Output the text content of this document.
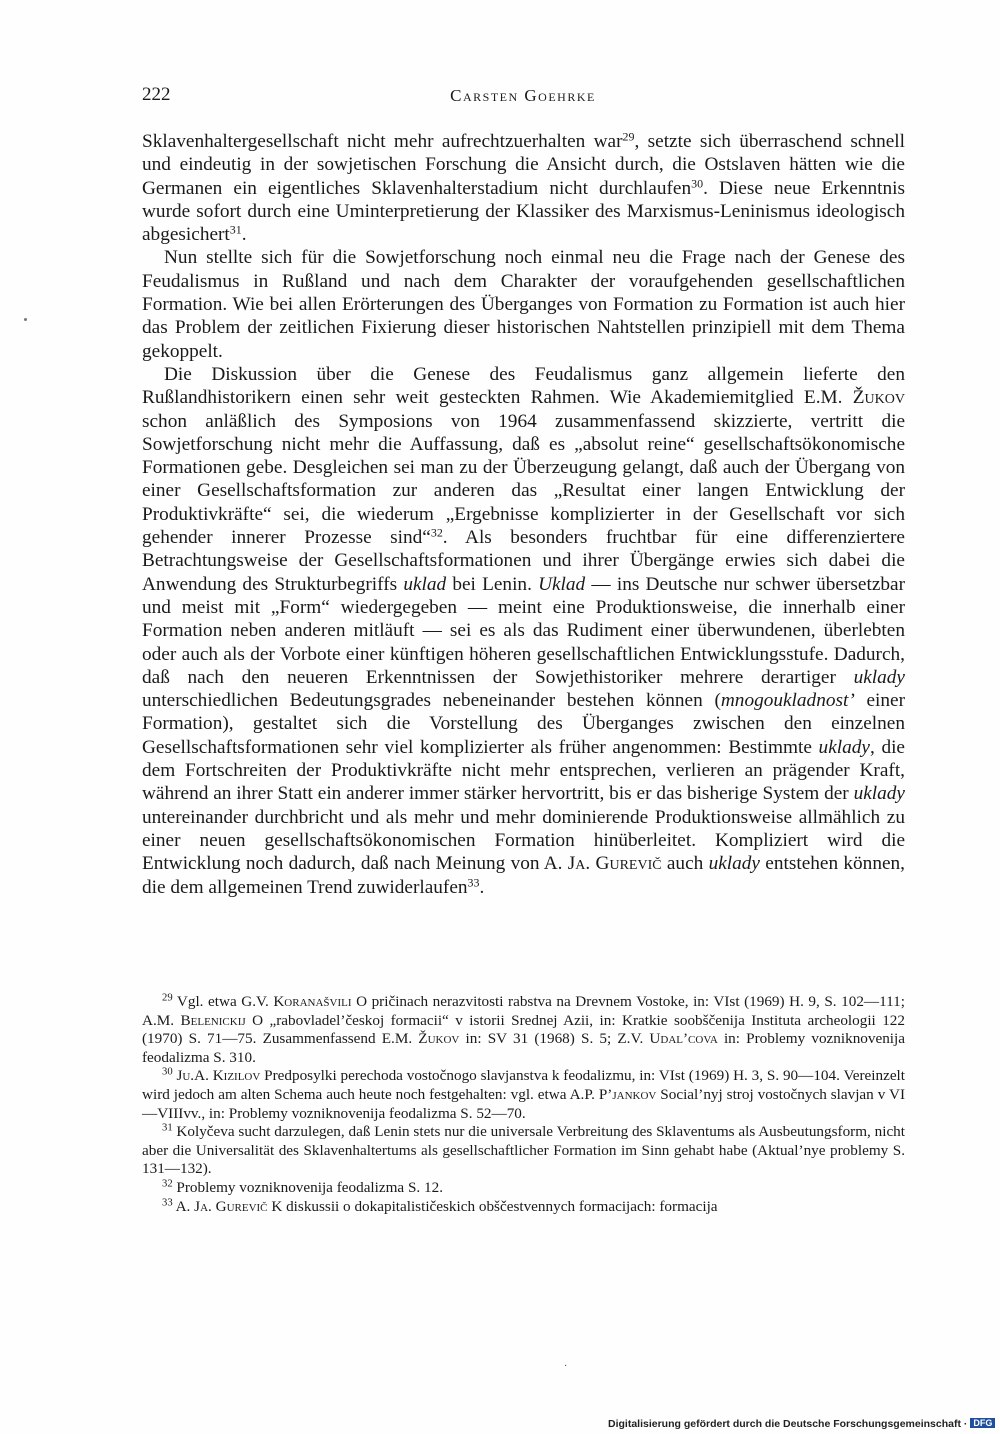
222	Carsten Goehrke

Sklavenhaltergesellschaft nicht mehr aufrechtzuerhalten war$^{29}$, setzte sich überraschend schnell und eindeutig in der sowjetischen Forschung die Ansicht durch, die Ostslaven hätten wie die Germanen ein eigentliches Sklavenhalterstadium nicht durchlaufen$^{30}$. Diese neue Erkenntnis wurde sofort durch eine Uminterpretierung der Klassiker des Marxismus-Leninismus ideologisch abgesichert$^{31}$.

Nun stellte sich für die Sowjetforschung noch einmal neu die Frage nach der Genese des Feudalismus in Rußland und nach dem Charakter der voraufgehenden gesellschaftlichen Formation. Wie bei allen Erörterungen des Überganges von Formation zu Formation ist auch hier das Problem der zeitlichen Fixierung dieser historischen Nahtstellen prinzipiell mit dem Thema gekoppelt.

Die Diskussion über die Genese des Feudalismus ganz allgemein lieferte den Rußlandhistorikern einen sehr weit gesteckten Rahmen. Wie Akademiemitglied E.M. Žukov schon anläßlich des Symposions von 1964 zusammenfassend skizzierte, vertritt die Sowjetforschung nicht mehr die Auffassung, daß es „absolut reine“ gesellschaftsökonomische Formationen gebe. Desgleichen sei man zu der Überzeugung gelangt, daß auch der Übergang von einer Gesellschaftsformation zur anderen das „Resultat einer langen Entwicklung der Produktivkräfte“ sei, die wiederum „Ergebnisse komplizierter in der Gesellschaft vor sich gehender innerer Prozesse sind“$^{32}$. Als besonders fruchtbar für eine differenziertere Betrachtungsweise der Gesellschaftsformationen und ihrer Übergänge erwies sich dabei die Anwendung des Strukturbegriffs uklad bei Lenin. Uklad — ins Deutsche nur schwer übersetzbar und meist mit „Form“ wiedergegeben — meint eine Produktionsweise, die innerhalb einer Formation neben anderen mitläuft — sei es als das Rudiment einer überwundenen, überlebten oder auch als der Vorbote einer künftigen höheren gesellschaftlichen Entwicklungsstufe. Dadurch, daß nach den neueren Erkenntnissen der Sowjethistoriker mehrere derartiger uklady unterschiedlichen Bedeutungsgrades nebeneinander bestehen können (mnogoukladnost’ einer Formation), gestaltet sich die Vorstellung des Überganges zwischen den einzelnen Gesellschaftsformationen sehr viel komplizierter als früher angenommen: Bestimmte uklady, die dem Fortschreiten der Produktivkräfte nicht mehr entsprechen, verlieren an prägender Kraft, während an ihrer Statt ein anderer immer stärker hervortritt, bis er das bisherige System der uklady untereinander durchbricht und als mehr und mehr dominierende Produktionsweise allmählich zu einer neuen gesellschaftsökonomischen Formation hinüberleitet. Kompliziert wird die Entwicklung noch dadurch, daß nach Meinung von A. Ja. Gurevič auch uklady entstehen können, die dem allgemeinen Trend zuwiderlaufen$^{33}$.

$^{29}$ Vgl. etwa G.V. Koranašvili O pričinach nerazvitosti rabstva na Drevnem Vostoke, in: VIst (1969) H. 9, S. 102—111; A.M. Belenickij O „rabovladel’českoj formacii“ v istorii Srednej Azii, in: Kratkie soobščenija Instituta archeologii 122 (1970) S. 71—75. Zusammenfassend E.M. Žukov in: SV 31 (1968) S. 5; Z.V. Udal’cova in: Problemy vozniknovenija feodalizma S. 310.

$^{30}$ Ju.A. Kizilov Predposylki perechoda vostočnogo slavjanstva k feodalizmu, in: VIst (1969) H. 3, S. 90—104. Vereinzelt wird jedoch am alten Schema auch heute noch festgehalten: vgl. etwa A.P. P’jankov Social’nyj stroj vostočnych slavjan v VI—VIIIvv., in: Problemy vozniknovenija feodalizma S. 52—70.

$^{31}$ Kolyčeva sucht darzulegen, daß Lenin stets nur die universale Verbreitung des Sklaventums als Ausbeutungsform, nicht aber die Universalität des Sklavenhaltertums als gesellschaftlicher Formation im Sinn gehabt habe (Aktual’nye problemy S. 131—132).

$^{32}$ Problemy vozniknovenija feodalizma S. 12.

$^{33}$ A. Ja. Gurevič K diskussii o dokapitalističeskich obščestvennych formacijach: formacija

·
Digitalisierung gefördert durch die Deutsche Forschungsgemeinschaft · DFG
